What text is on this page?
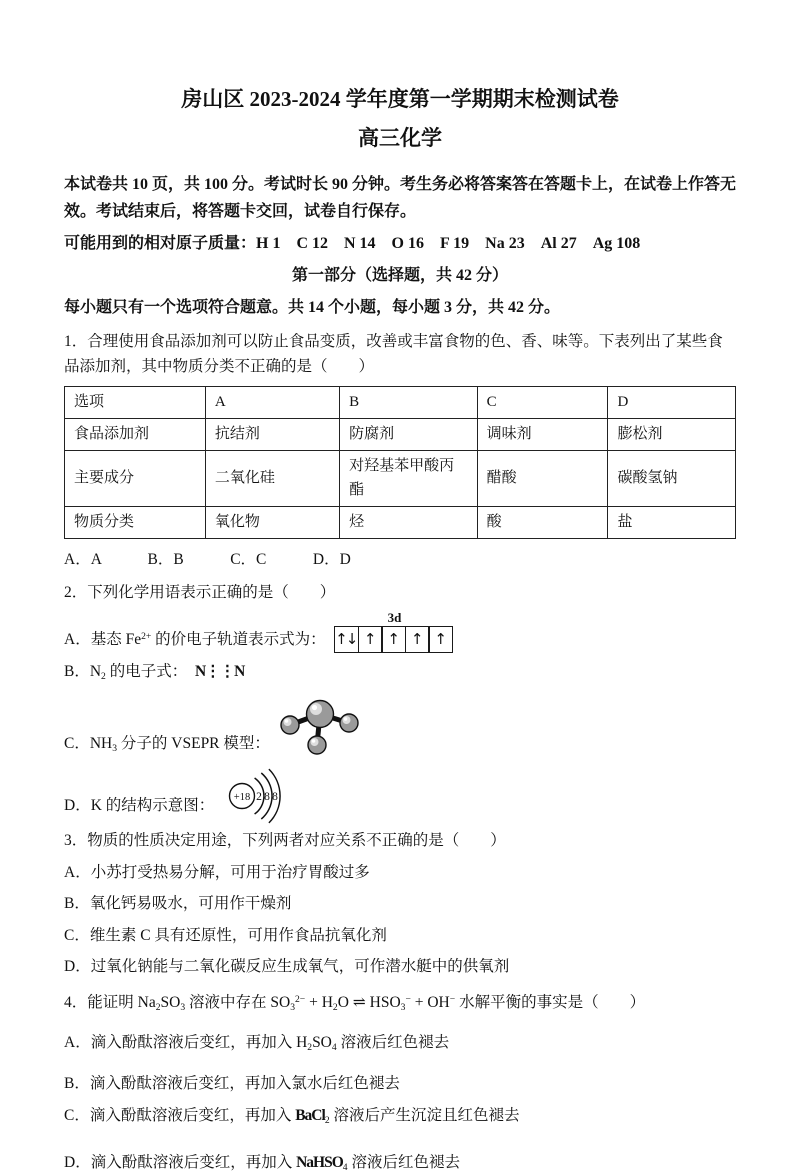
房山区 2023-2024 学年度第一学期期末检测试卷
高三化学

本试卷共 10 页，共 100 分。考试时长 90 分钟。考生务必将答案答在答题卡上，在试卷上作答无效。考试结束后，将答题卡交回，试卷自行保存。

可能用到的相对原子质量：H 1　C 12　N 14　O 16　F 19　Na 23　Al 27　Ag 108

第一部分（选择题，共 42 分）

每小题只有一个选项符合题意。共 14 个小题，每小题 3 分，共 42 分。

1．合理使用食品添加剂可以防止食品变质，改善或丰富食物的色、香、味等。下表列出了某些食品添加剂，其中物质分类不正确的是（　　）

选项	A	B	C	D
食品添加剂	抗结剂	防腐剂	调味剂	膨松剂
主要成分	二氧化硅	对羟基苯甲酸丙酯	醋酸	碳酸氢钠
物质分类	氧化物	烃	酸	盐

A．A　　　B．B　　　C．C　　　D．D

2．下列化学用语表示正确的是（　　）

A．基态 $Fe^{2+}$ 的价电子轨道表示式为：
3d
↑↓ ↑ ↑ ↑ ↑

B．$N_2$ 的电子式：　N⋮⋮N

C．$NH_3$ 分子的 VSEPR 模型：
D．K 的结构示意图： +18 2 8 8

3．物质的性质决定用途，下列两者对应关系不正确的是（　　）

A．小苏打受热易分解，可用于治疗胃酸过多

B．氧化钙易吸水，可用作干燥剂

C．维生素 C 具有还原性，可用作食品抗氧化剂

D．过氧化钠能与二氧化碳反应生成氧气，可作潜水艇中的供氧剂

4．能证明 $Na_2SO_3$ 溶液中存在 $SO_3^{2-} + H_2O$ ⇌ $HSO_3^- + OH^-$ 水解平衡的事实是（　　）

A．滴入酚酞溶液后变红，再加入 $H_2SO_4$ 溶液后红色褪去

B．滴入酚酞溶液后变红，再加入氯水后红色褪去

C．滴入酚酞溶液后变红，再加入 BaCl$_2$ 溶液后产生沉淀且红色褪去

D．滴入酚酞溶液后变红，再加入 NaHSO$_4$ 溶液后红色褪去
